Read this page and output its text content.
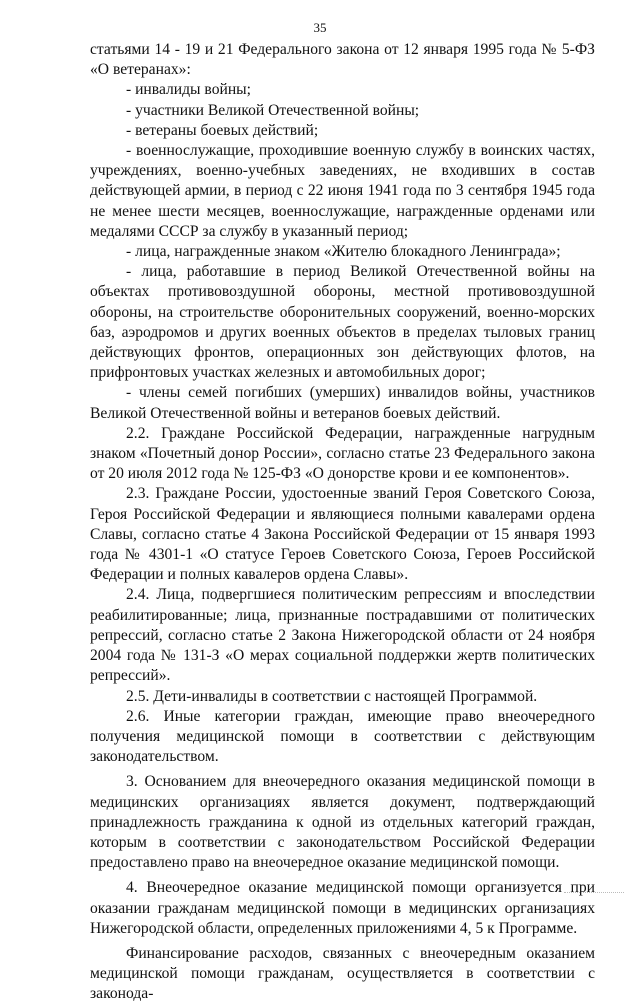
35

статьями 14 - 19 и 21 Федерального закона от 12 января 1995 года № 5-ФЗ «О ветеранах»:

- инвалиды войны;

- участники Великой Отечественной войны;

- ветераны боевых действий;

- военнослужащие, проходившие военную службу в воинских частях, учреждениях, военно-учебных заведениях, не входивших в состав действующей армии, в период с 22 июня 1941 года по 3 сентября 1945 года не менее шести месяцев, военнослужащие, награжденные орденами или медалями СССР за службу в указанный период;

- лица, награжденные знаком «Жителю блокадного Ленинграда»;

- лица, работавшие в период Великой Отечественной войны на объектах противовоздушной обороны, местной противовоздушной обороны, на строительстве оборонительных сооружений, военно-морских баз, аэродромов и других военных объектов в пределах тыловых границ действующих фронтов, операционных зон действующих флотов, на прифронтовых участках железных и автомобильных дорог;

- члены семей погибших (умерших) инвалидов войны, участников Великой Отечественной войны и ветеранов боевых действий.

2.2. Граждане Российской Федерации, награжденные нагрудным знаком «Почетный донор России», согласно статье 23 Федерального закона от 20 июля 2012 года № 125-ФЗ «О донорстве крови и ее компонентов».

2.3. Граждане России, удостоенные званий Героя Советского Союза, Героя Российской Федерации и являющиеся полными кавалерами ордена Славы, согласно статье 4 Закона Российской Федерации от 15 января 1993 года № 4301-1 «О статусе Героев Советского Союза, Героев Российской Федерации и полных кавалеров ордена Славы».

2.4. Лица, подвергшиеся политическим репрессиям и впоследствии реабилитированные; лица, признанные пострадавшими от политических репрессий, согласно статье 2 Закона Нижегородской области от 24 ноября 2004 года № 131-З «О мерах социальной поддержки жертв политических репрессий».

2.5. Дети-инвалиды в соответствии с настоящей Программой.

2.6. Иные категории граждан, имеющие право внеочередного получения медицинской помощи в соответствии с действующим законодательством.

3. Основанием для внеочередного оказания медицинской помощи в медицинских организациях является документ, подтверждающий принадлежность гражданина к одной из отдельных категорий граждан, которым в соответствии с законодательством Российской Федерации предоставлено право на внеочередное оказание медицинской помощи.

4. Внеочередное оказание медицинской помощи организуется при оказании гражданам медицинской помощи в медицинских организациях Нижегородской области, определенных приложениями 4, 5 к Программе.

Финансирование расходов, связанных с внеочередным оказанием медицинской помощи гражданам, осуществляется в соответствии с законода-
